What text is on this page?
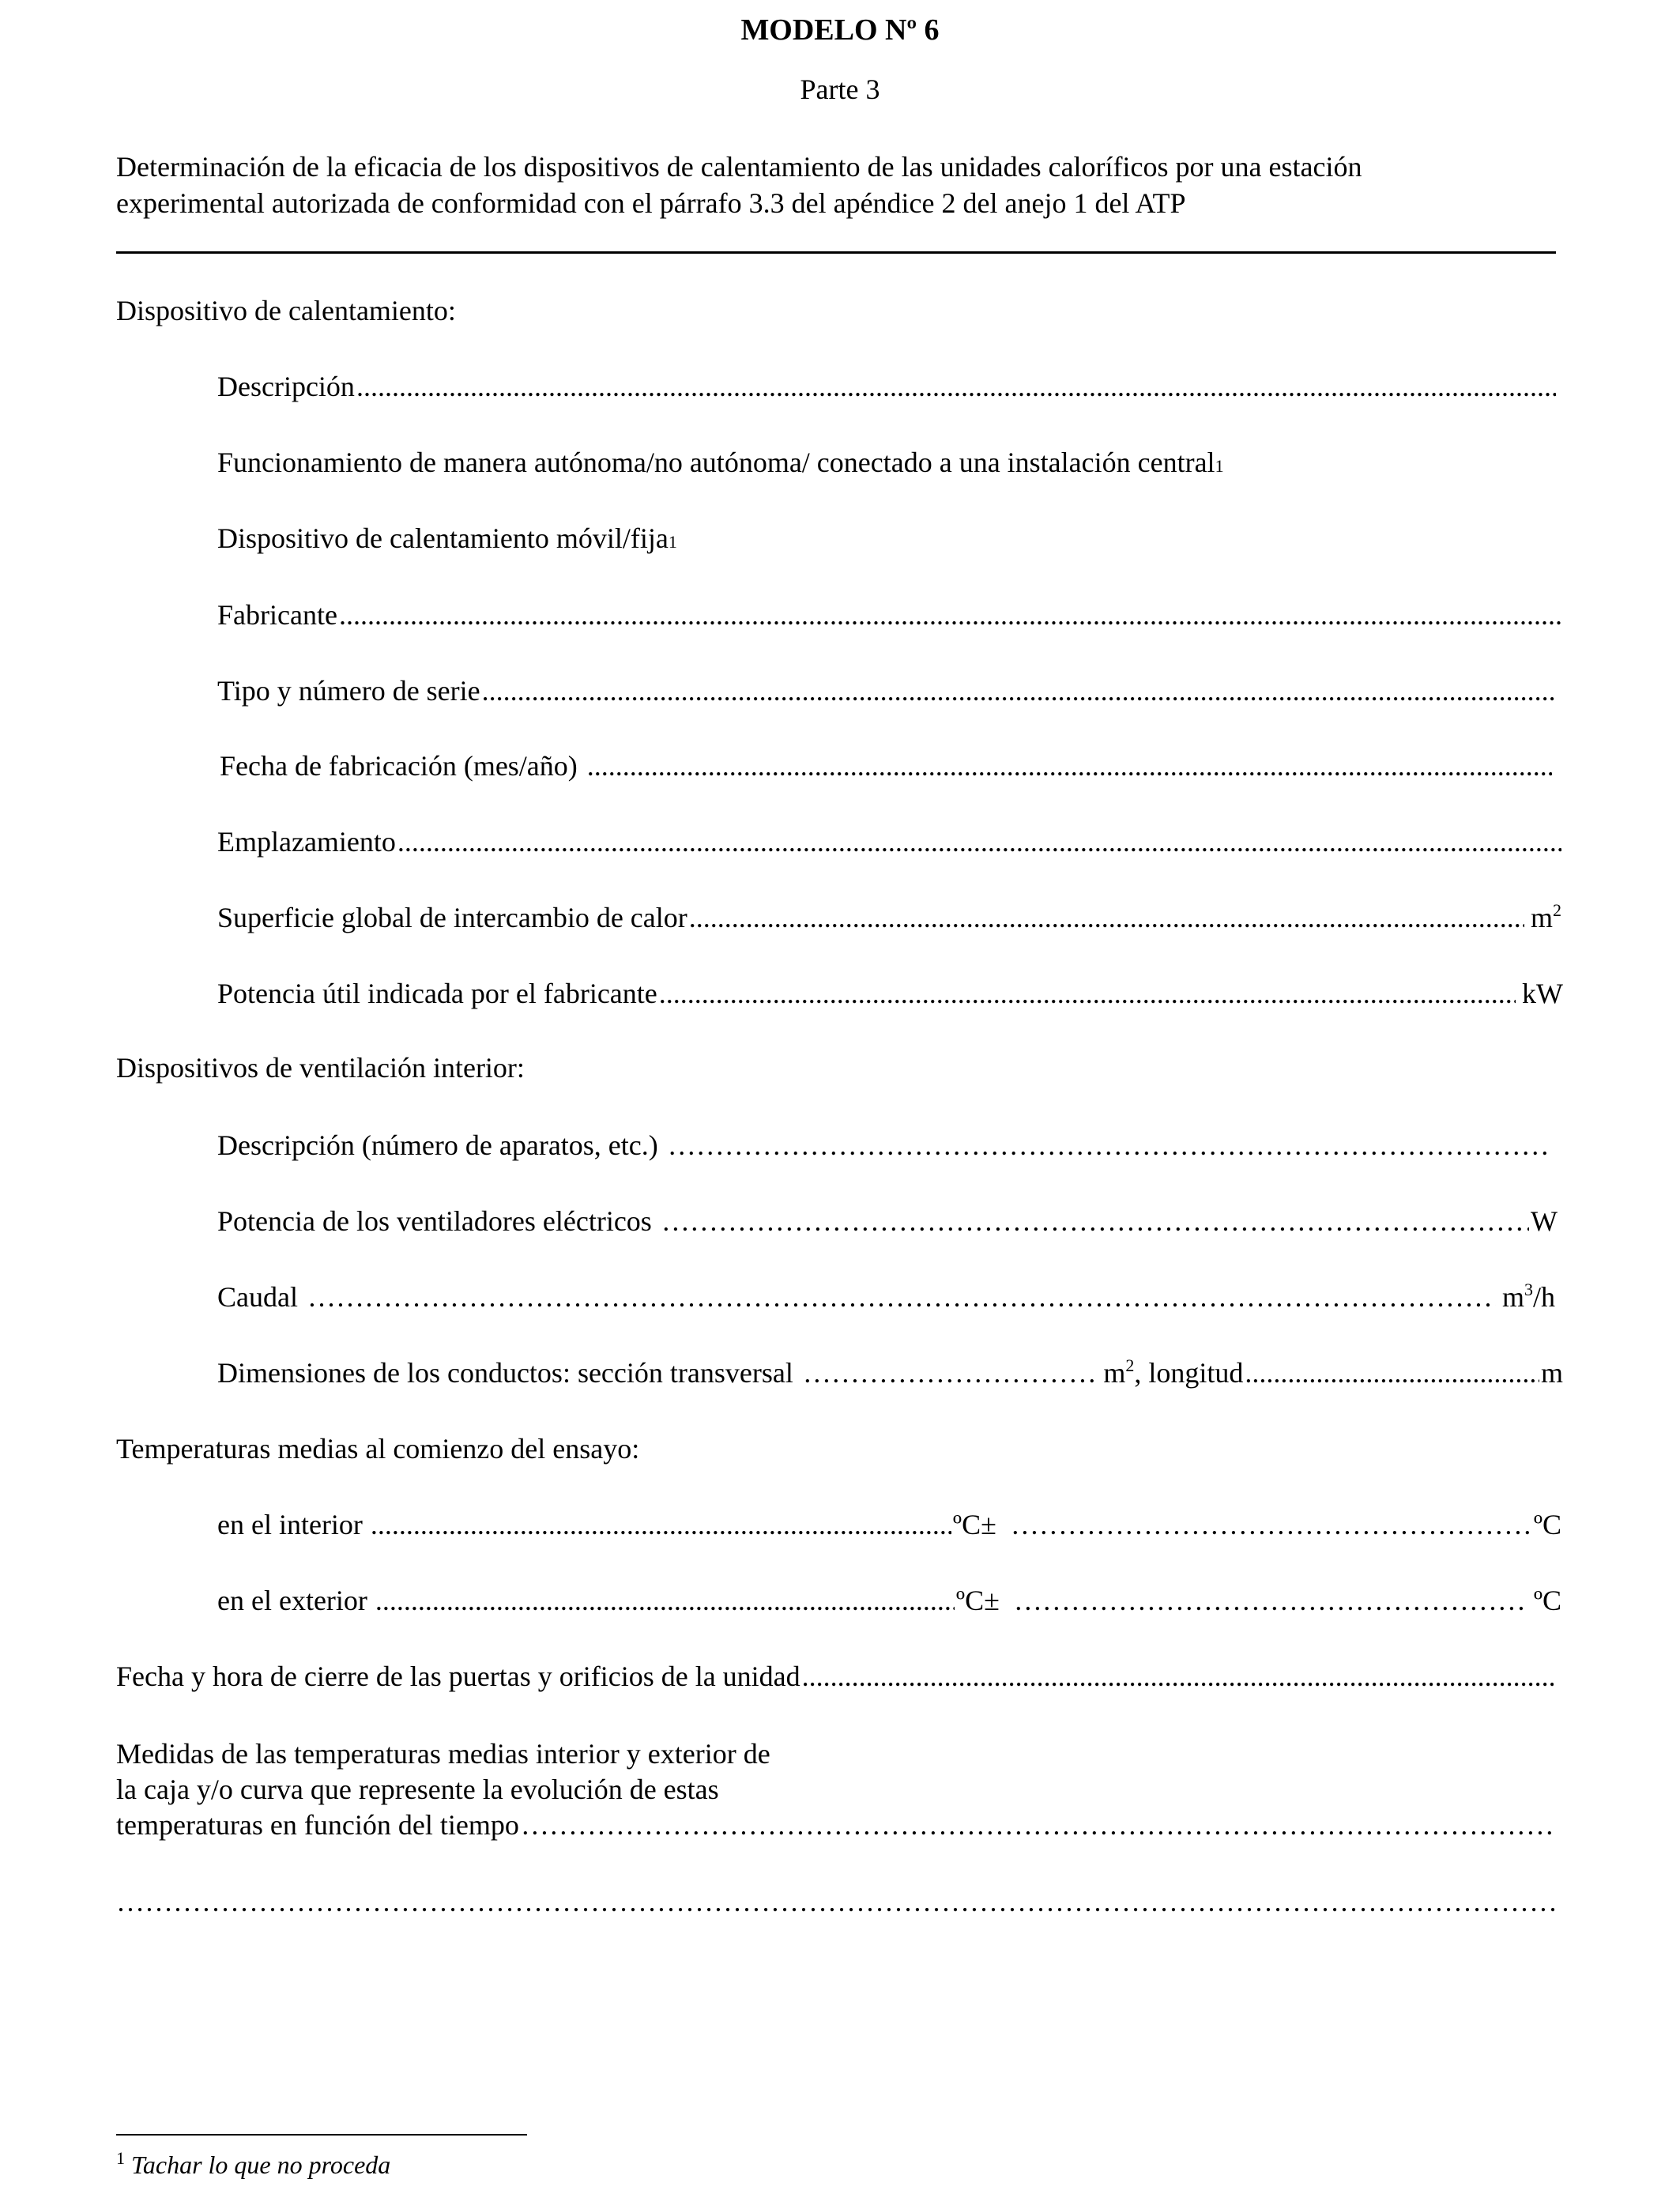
MODELO Nº 6
Parte 3
Determinación de la eficacia de los dispositivos de calentamiento de las unidades caloríficos por una estación
experimental autorizada de conformidad con el párrafo 3.3 del apéndice 2 del anejo 1 del ATP
Dispositivo de calentamiento:
Descripción
.....
Funcionamiento de manera autónoma/no autónoma/ conectado a una instalación central 1
Dispositivo de calentamiento móvil/fija 1
Fabricante
.....
Tipo y número de serie
.....
Fecha de fabricación (mes/año)
.....
Emplazamiento
.....
Superficie global de intercambio de calor .....	$m^2$
Potencia útil indicada por el fabricante .....	kW
Dispositivos de ventilación interior:
Descripción (número de aparatos, etc.)
…………………………………………………………………………………………………………………………………………………………………………………………………………………………………………………………………………………………………………………
Potencia de los ventiladores eléctricos …………………………………………………………………………………………………………………………………………………………………………………………………………………………………………………………………………………………………………………	W
Caudal …………………………………………………………………………………………………………………………………………………………………………………………………………………………………………………………………………………………………………………	$m^3/h$
Dimensiones de los conductos: sección transversal …………………………………………………………………………………………………………………………………………………………………………………………………………………………………………………………………………………………………………………	$m^2$ , longitud .....	m
Temperaturas medias al comienzo del ensayo:
en el interior .....	ºC± …………………………………………………………………………………………………………………………………………………………………………………………………………………………………………………………………………………………………………………	ºC
en el exterior .....	ºC± …………………………………………………………………………………………………………………………………………………………………………………………………………………………………………………………………………………………………………………	ºC
Fecha y hora de cierre de las puertas y orificios de la unidad
.....
Medidas de las temperaturas medias interior y exterior de
la caja y/o curva que represente la evolución de estas
temperaturas en función del tiempo
…………………………………………………………………………………………………………………………………………………………………………………………………………………………………………………………………………………………………………………
…………………………………………………………………………………………………………………………………………………………………………………………………………………………………………………………………………………………………………………
$^1$ Tachar lo que no proceda
